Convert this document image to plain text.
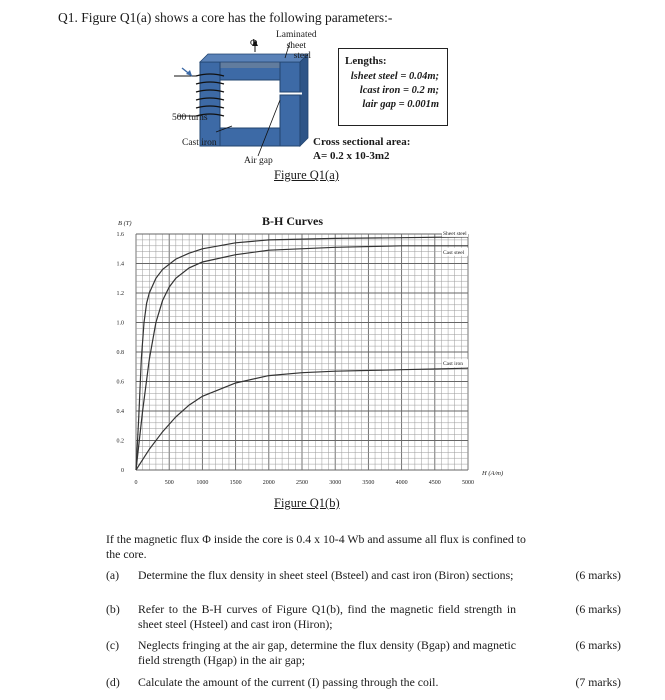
Q1. Figure Q1(a) shows a core has the following parameters:-
Laminated
sheet
steel
Φ
500 turns
Cast iron
Air gap
Lengths:
lsheet steel = 0.04m;
lcast iron = 0.2 m;
lair gap = 0.001m
Cross sectional area:
A= 0.2 x 10-3m2
Figure Q1(a)
B-H Curves
0	500	1000	1500	2000	2500	3000	3500	4000	4500	5000
0
0.2
0.4
0.6
0.8
1.0
1.2
1.4
1.6
B (T)
H (A/m)
Sheet steel
Cast steel
Cast iron
Figure Q1(b)
If the magnetic flux Φ inside the core is 0.4 x 10-4 Wb and assume all flux is confined to the core.
(a) Determine the flux density in sheet steel (Bsteel) and cast iron (Biron) sections;	(6 marks)
(b) Refer to the B-H curves of Figure Q1(b), find the magnetic field strength in sheet steel (Hsteel) and cast iron (Hiron);
(6 marks)
(c) Neglects fringing at the air gap, determine the flux density (Bgap) and magnetic field strength (Hgap) in the air gap;
(6 marks)
(d) Calculate the amount of the current (I) passing through the coil.	(7 marks)
